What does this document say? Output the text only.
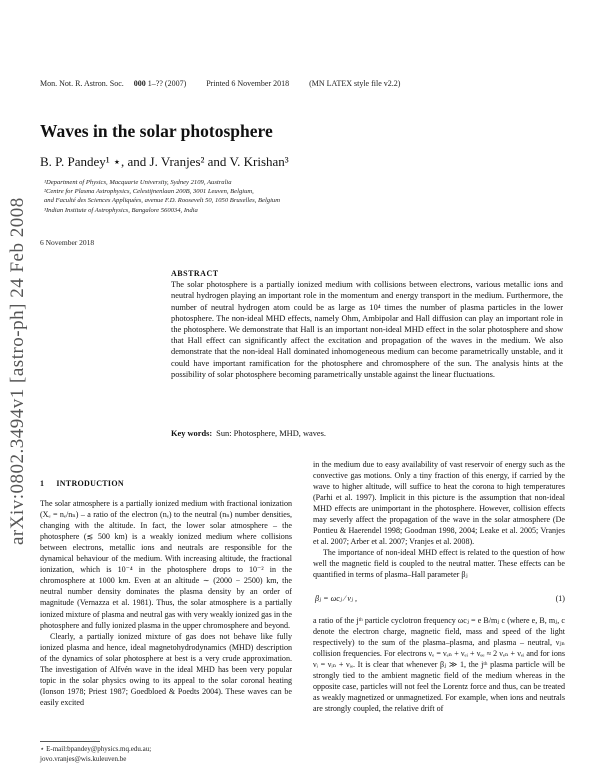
arXiv:0802.3494v1 [astro-ph] 24 Feb 2008
Mon. Not. R. Astron. Soc. 000 1–?? (2007)	Printed 6 November 2018	(MN LATEX style file v2.2)
Waves in the solar photosphere
B. P. Pandey¹ ⋆, and J. Vranjes² and V. Krishan³
¹Department of Physics, Macquarie University, Sydney 2109, Australia
²Centre for Plasma Astrophysics, Celestijnenlaan 200B, 3001 Leuven, Belgium,
and Faculté des Sciences Appliquées, avenue F.D. Roosevelt 50, 1050 Bruxelles, Belgium
³Indian Institute of Astrophysics, Bangalore 560034, India
6 November 2018
ABSTRACT
The solar photosphere is a partially ionized medium with collisions between electrons, various metallic ions and neutral hydrogen playing an important role in the momentum and energy transport in the medium. Furthermore, the number of neutral hydrogen atom could be as large as 10⁴ times the number of plasma particles in the lower photosphere. The non-ideal MHD effects, namely Ohm, Ambipolar and Hall diffusion can play an important role in the photosphere. We demonstrate that Hall is an important non-ideal MHD effect in the solar photosphere and show that Hall effect can significantly affect the excitation and propagation of the waves in the medium. We also demonstrate that the non-ideal Hall dominated inhomogeneous medium can become parametrically unstable, and it could have important ramification for the photosphere and chromosphere of the sun. The analysis hints at the possibility of solar photosphere becoming parametrically unstable against the linear fluctuations.
Key words: Sun: Photosphere, MHD, waves.
1 INTRODUCTION

The solar atmosphere is a partially ionized medium with fractional ionization (Xₑ = nₑ/nₙ) – a ratio of the electron (nₑ) to the neutral (nₙ) number densities, changing with the altitude. In fact, the lower solar atmosphere – the photosphere (≲ 500 km) is a weakly ionized medium where collisions between electrons, metallic ions and neutrals are responsible for the dynamical behaviour of the medium. With increasing altitude, the fractional ionization, which is 10⁻⁴ in the photosphere drops to 10⁻² in the chromosphere at 1000 km. Even at an altitude ∼ (2000 − 2500) km, the neutral number density dominates the plasma density by an order of magnitude (Vernazza et al. 1981). Thus, the solar atmosphere is a partially ionized mixture of plasma and neutral gas with very weakly ionized gas in the photosphere and fully ionized plasma in the upper chromosphere and beyond.

Clearly, a partially ionized mixture of gas does not behave like fully ionized plasma and hence, ideal magnetohydrodynamics (MHD) description of the dynamics of solar photosphere at best is a very crude approximation. The investigation of Alfvén wave in the ideal MHD has been very popular topic in the solar physics owing to its appeal to the solar coronal heating (Ionson 1978; Priest 1987; Goedbloed & Poedts 2004). These waves can be easily excited

in the medium due to easy availability of vast reservoir of energy such as the convective gas motions. Only a tiny fraction of this energy, if carried by the wave to higher altitude, will suffice to heat the corona to high temperatures (Parhi et al. 1997). Implicit in this picture is the assumption that non-ideal MHD effects are unimportant in the photosphere. However, collision effects may severly affect the propagation of the wave in the solar atmosphere (De Pontieu & Haerendel 1998; Goodman 1998, 2004; Leake et al. 2005; Vranjes et al. 2007; Arber et al. 2007; Vranjes et al. 2008).

The importance of non-ideal MHD effect is related to the question of how well the magnetic field is coupled to the neutral matter. These effects can be quantified in terms of plasma–Hall parameter βⱼ

βⱼ = ωcⱼ ⁄ νⱼ ,	(1)

a ratio of the jᵗʰ particle cyclotron frequency ωcⱼ = e B/mⱼ c (where e, B, mⱼ, c denote the electron charge, magnetic field, mass and speed of the light respectively) to the sum of the plasma–plasma, and plasma – neutral, νⱼₙ collision frequencies. For electrons νₑ = νₑₙ + νₑᵢ + νₑₑ ≈ 2 νₑₙ + νₑᵢ and for ions νᵢ = νᵢₙ + νᵢₑ. It is clear that whenever βⱼ ≫ 1, the jᵗʰ plasma particle will be strongly tied to the ambient magnetic field of the medium whereas in the opposite case, particles will not feel the Lorentz force and thus, can be treated as weakly magnetized or unmagnetized. For example, when ions and neutrals are strongly coupled, the relative drift of

⋆ E-mail:bpandey@physics.mq.edu.au;
jovo.vranjes@wis.kuleuven.be
